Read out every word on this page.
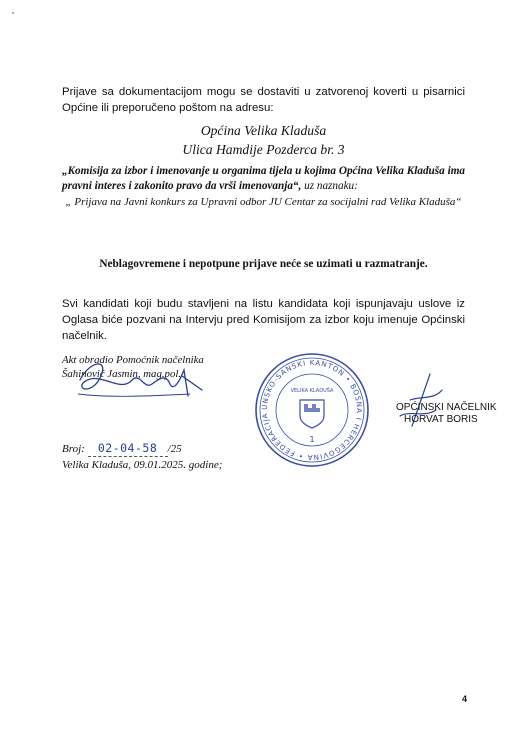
Prijave sa dokumentacijom mogu se dostaviti u zatvorenoj koverti u pisarnici Općine ili preporučeno poštom na adresu:
Općina Velika Kladuša
Ulica Hamdije Pozderca br. 3
„Komisija za izbor i imenovanje u organima tijela u kojima Općina Velika Kladuša ima pravni interes i zakonito pravo da vrši imenovanja“, uz naznaku:
„ Prijava na Javni konkurs za Upravni odbor JU Centar za socijalni rad Velika Kladuša“
Neblagovremene i nepotpune prijave neće se uzimati u razmatranje.
Svi kandidati koji budu stavljeni na listu kandidata koji ispunjavaju uslove iz Oglasa biće pozvani na Intervju pred Komisijom za izbor koju imenuje Općinski načelnik.
Akt obradio Pomoćnik načelnika
Šahinović Jasmin, mag.pol.
UNSKO-SANSKI KANTON • BOSNA I HERCEGOVINA • FEDERACIJA
VELIKA KLADUŠA
1
OPĆINSKI NAČELNIK
HORVAT BORIS
Broj: 02-04-58 /25
Velika Kladuša, 09.01.2025. godine;
4
